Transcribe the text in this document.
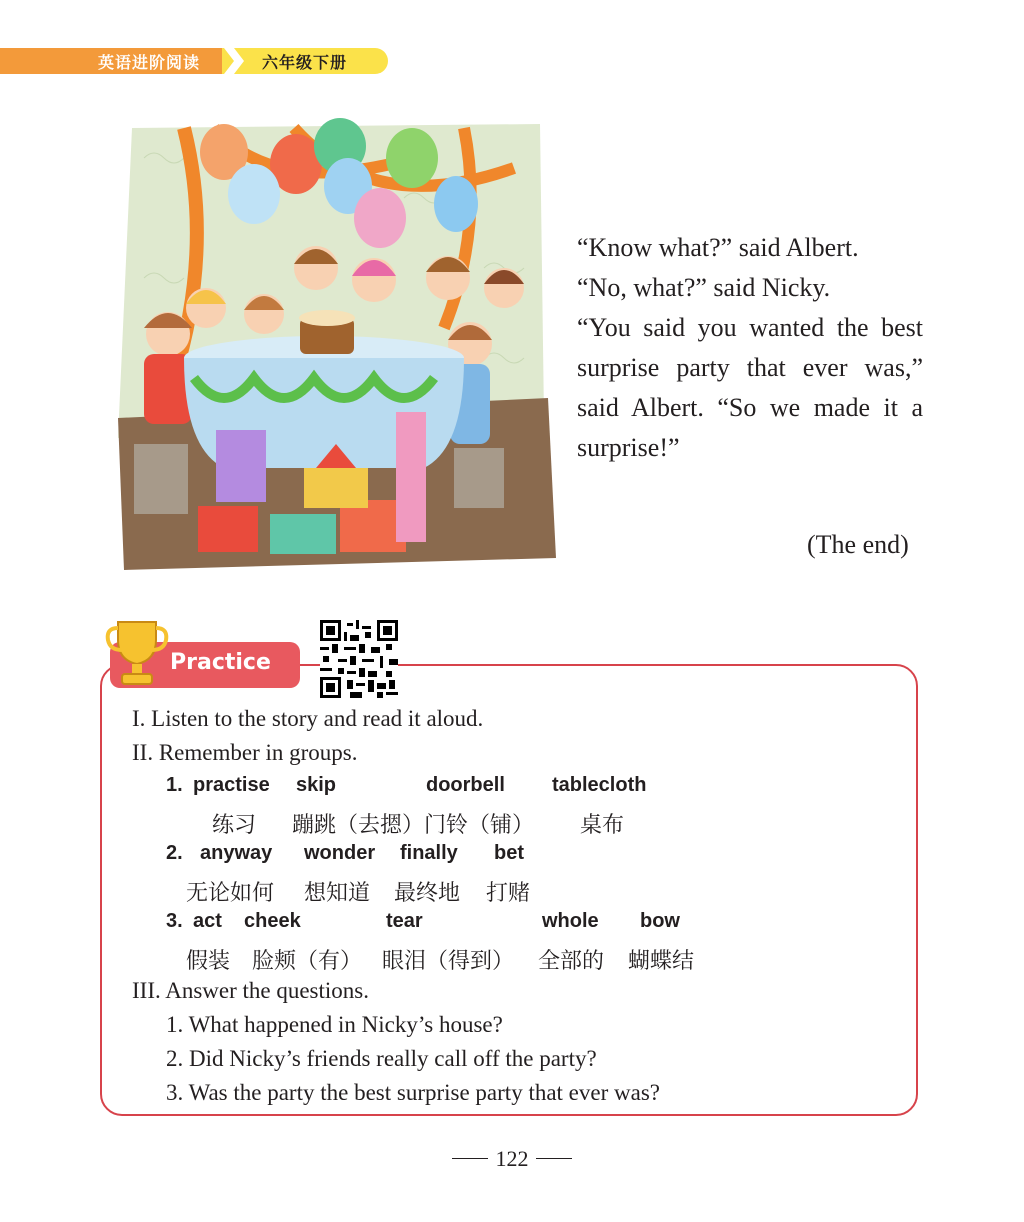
英语进阶阅读	六年级下册

“Know what?” said Albert.

“No, what?” said Nicky.

“You said you wanted the best surprise party that ever was,” said Albert. “So we made it a surprise!”

(The end)
Practice
I. Listen to the story and read it aloud.
II. Remember in groups.
1. practise skip	doorbell tablecloth
练习 蹦跳（去摁） 门铃（铺） 桌布
2. anyway wonder finally bet
无论如何 想知道 最终地 打赌
3. act cheek	tear	whole bow
假装 脸颊（有） 眼泪（得到） 全部的 蝴蝶结
III. Answer the questions.
1. What happened in Nicky’s house?
2. Did Nicky’s friends really call off the party?
3. Was the party the best surprise party that ever was?
122
